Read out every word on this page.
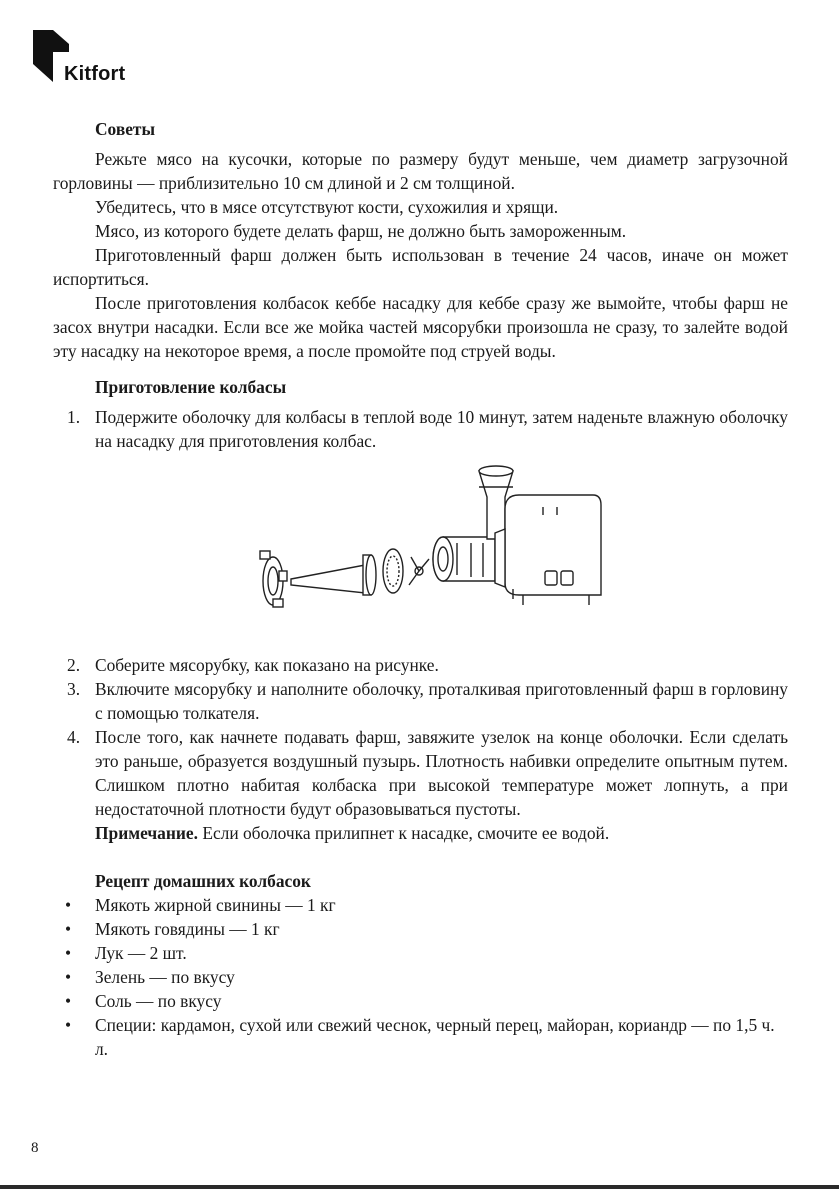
Kitfort
Советы

Режьте мясо на кусочки, которые по размеру будут меньше, чем диаметр загрузочной горловины — приблизительно 10 см длиной и 2 см толщиной.

Убедитесь, что в мясе отсутствуют кости, сухожилия и хрящи.

Мясо, из которого будете делать фарш, не должно быть замороженным.

Приготовленный фарш должен быть использован в течение 24 часов, иначе он может испортиться.

После приготовления колбасок кеббе насадку для кеббе сразу же вымойте, чтобы фарш не засох внутри насадки. Если все же мойка частей мясорубки произошла не сразу, то залейте водой эту насадку на некоторое время, а после промойте под струей воды.

Приготовление колбасы
1. Подержите оболочку для колбасы в теплой воде 10 минут, затем наденьте влажную оболочку на насадку для приготовления колбас.
2. Соберите мясорубку, как показано на рисунке.
3. Включите мясорубку и наполните оболочку, проталкивая приготовленный фарш в горловину с помощью толкателя.
4. После того, как начнете подавать фарш, завяжите узелок на конце оболочки. Если сделать это раньше, образуется воздушный пузырь. Плотность набивки определите опытным путем. Слишком плотно набитая колбаска при высокой температуре может лопнуть, а при недостаточной плотности будут образовываться пустоты.
Примечание. Если оболочка прилипнет к насадке, смочите ее водой.
Рецепт домашних колбасок
• Мякоть жирной свинины — 1 кг
• Мякоть говядины — 1 кг
• Лук — 2 шт.
• Зелень — по вкусу
• Соль — по вкусу
• Специи: кардамон, сухой или свежий чеснок, черный перец, майоран, кориандр — по 1,5 ч. л.
8
